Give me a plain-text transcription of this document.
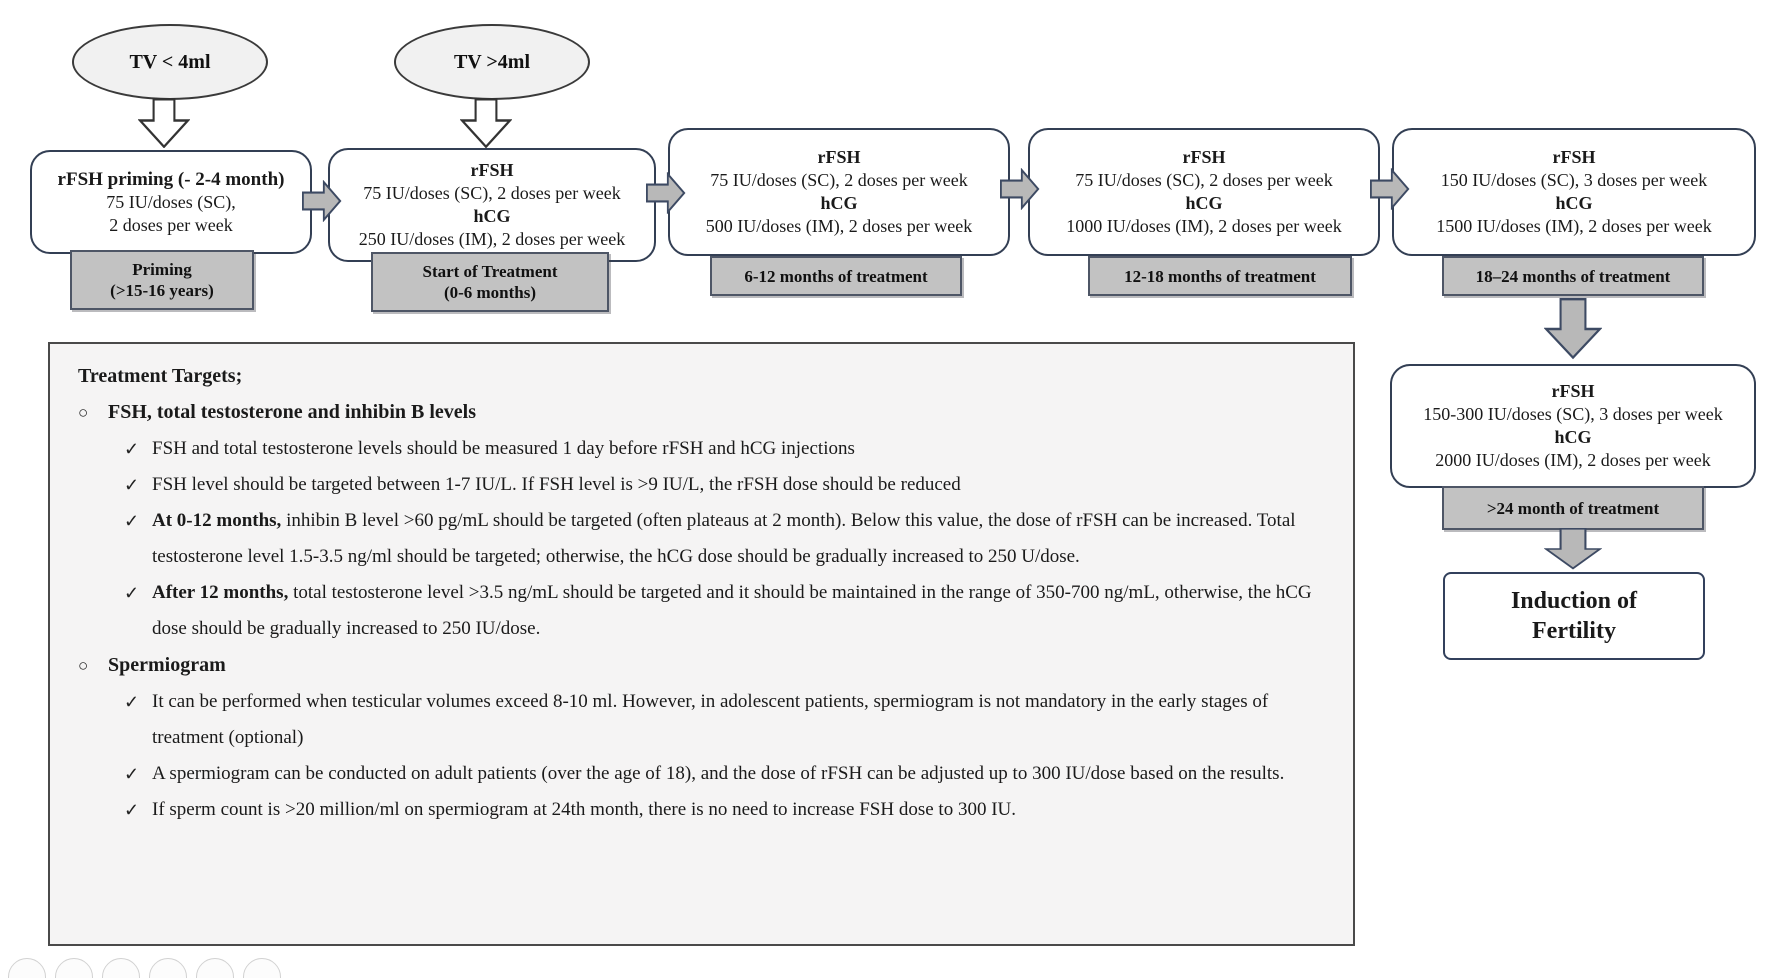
TV < 4ml	TV >4ml
rFSH priming (- 2-4 month)
75 IU/doses (SC),
2 doses per week
rFSH
75 IU/doses (SC), 2 doses per week
hCG
250 IU/doses (IM), 2 doses per week
rFSH
75 IU/doses (SC), 2 doses per week
hCG
500 IU/doses (IM), 2 doses per week
rFSH
75 IU/doses (SC), 2 doses per week
hCG
1000 IU/doses (IM), 2 doses per week
rFSH
150 IU/doses (SC), 3 doses per week
hCG
1500 IU/doses (IM), 2 doses per week
rFSH
150-300 IU/doses (SC), 3 doses per week
hCG
2000 IU/doses (IM), 2 doses per week
Priming
(>15-16 years)
Start of Treatment
(0-6 months)
6-12 months of treatment	12-18 months of treatment	18–24 months of treatment
>24 month of treatment
Induction of
Fertility
Treatment Targets;
○ FSH, total testosterone and inhibin B levels
✓ FSH and total testosterone levels should be measured 1 day before rFSH and hCG injections
✓ FSH level should be targeted between 1-7 IU/L. If FSH level is >9 IU/L, the rFSH dose should be reduced
✓ At 0-12 months, inhibin B level >60 pg/mL should be targeted (often plateaus at 2 month). Below this value, the dose of rFSH can be increased. Total testosterone level 1.5-3.5 ng/ml should be targeted; otherwise, the hCG dose should be gradually increased to 250 U/dose.
✓ After 12 months, total testosterone level >3.5 ng/mL should be targeted and it should be maintained in the range of 350-700 ng/mL, otherwise, the hCG dose should be gradually increased to 250 IU/dose.
○ Spermiogram
✓ It can be performed when testicular volumes exceed 8-10 ml. However, in adolescent patients, spermiogram is not mandatory in the early stages of treatment (optional)
✓ A spermiogram can be conducted on adult patients (over the age of 18), and the dose of rFSH can be adjusted up to 300 IU/dose based on the results.
✓ If sperm count is >20 million/ml on spermiogram at 24th month, there is no need to increase FSH dose to 300 IU.
